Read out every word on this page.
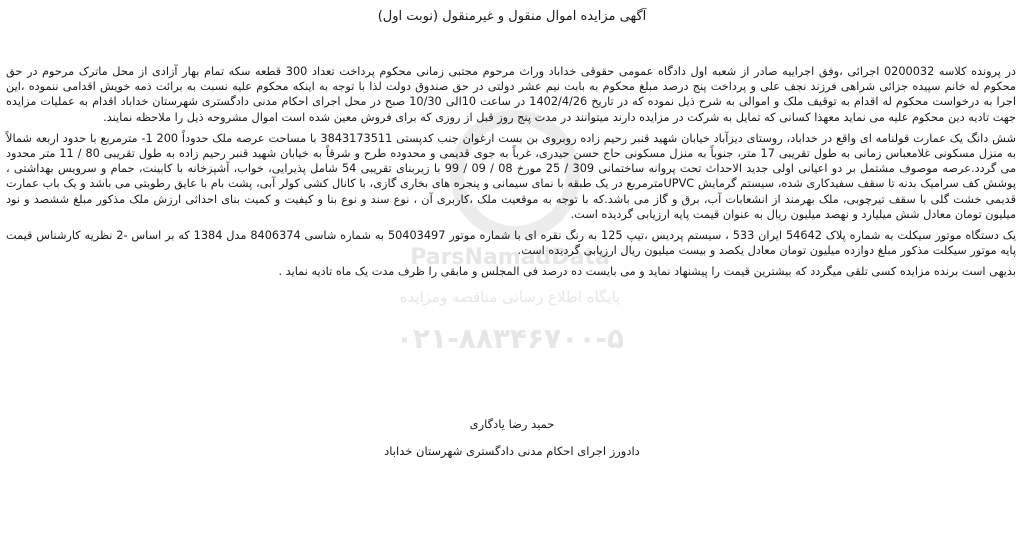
ParsNamadData
پایگاه اطلاع رسانی مناقصه ومزایده
۰۲۱-۸۸۳۴۶۷۰۰-۵
آگهی مزایده اموال منقول و غیرمنقول (نوبت اول)

در پرونده کلاسه 0200032 اجرائی ،وفق اجراییه صادر از شعبه اول دادگاه عمومی حقوقی خداباد وراث مرحوم مجتبی زمانی محکوم پرداخت تعداد 300 قطعه سکه تمام بهار آزادی از محل ماترک مرحوم در حق محکوم له خانم سپیده جزائی شراهی فرزند نجف علی و پرداخت پنج درصد مبلغ محکوم به بابت نیم عشر دولتی در حق صندوق دولت لذا با توجه به اینکه محکوم علیه نسبت به برائت ذمه خویش اقدامی ننموده ،این اجرا به درخواست محکوم له اقدام به توقیف ملک و اموالی به شرح ذیل نموده که در تاریخ 1402/4/26 در ساعت 10الی 10/30 صبح در محل اجرای احکام مدنی دادگستری شهرستان خداباد اقدام به عملیات مزایده جهت تادیه دین محکوم علیه می نماید معهذا کسانی که تمایل به شرکت در مزایده دارند میتوانند در مدت پنج روز قبل از روزی که برای فروش معین شده است اموال مشروحه ذیل را ملاحظه نمایند.

شش دانگ یک عمارت قولنامه ای واقع در خداباد، روستای دیزآباد خیابان شهید قنبر رحیم زاده روبروی بن بست ارغوان جنب کدپستی 3843173511 با مساحت عرصه ملک حدوداً 200 1- مترمربع با حدود اربعه شمالاً به منزل مسکونی غلامعباس زمانی به طول تقریبی 17 متر، جنوباً به منزل مسکونی حاج حسن حیدری، غرباً به جوی قدیمی و محدوده طرح و شرقاً به خیابان شهید قنبر رحیم زاده به طول تقریبی 80 / 11 متر محدود می گردد.عرصه موصوف مشتمل بر دو اعیانی اولی جدید الاحداث تحت پروانه ساختمانی 309 / 25 مورخ 08 / 09 / 99 با زیربنای تقریبی 54 شامل پذیرایی، خواب، آشپزخانه با کابینت، حمام و سرویس بهداشتی ، پوشش کف سرامیک بدنه تا سقف سفیدکاری شده، سیستم گرمایش UPVCمترمربع در یک طبقه با نمای سیمانی و پنجره های بخاری گازی، با کانال کشی کولر آبی، پشت بام با عایق رطوبتی می باشد و یک باب عمارت قدیمی خشت گلی با سقف تیرچوبی، ملک بهرمند از انشعابات آب، برق و گاز می باشد.که با توجه به موقعیت ملک ،کاربری آن ، نوع سند و نوع بنا و کیفیت و کمیت بنای احداثی ارزش ملک مذکور مبلغ ششصد و نود میلیون تومان معادل شش میلیارد و نهصد میلیون ریال به عنوان قیمت پایه ارزیابی گردیده است.

یک دستگاه موتور سیکلت به شماره پلاک 54642 ایران 533 ، سیستم پردیس ،تیپ 125 به رنگ نقره ای با شماره موتور 50403497 به شماره شاسی 8406374 مدل 1384 که بر اساس -2 نظریه کارشناس قیمت پایه موتور سیکلت مذکور مبلغ دوازده میلیون تومان معادل یکصد و بیست میلیون ریال ارزیابی گردیده است.

بدیهی است برنده مزایده کسی تلقی میگردد که بیشترین قیمت را پیشنهاد نماید و می بایست ده درصد فی المجلس و مابقی را ظرف مدت یک ماه تادیه نماید .

حمید رضا یادگاری
دادورز اجرای احکام مدنی دادگستری شهرستان خداباد
